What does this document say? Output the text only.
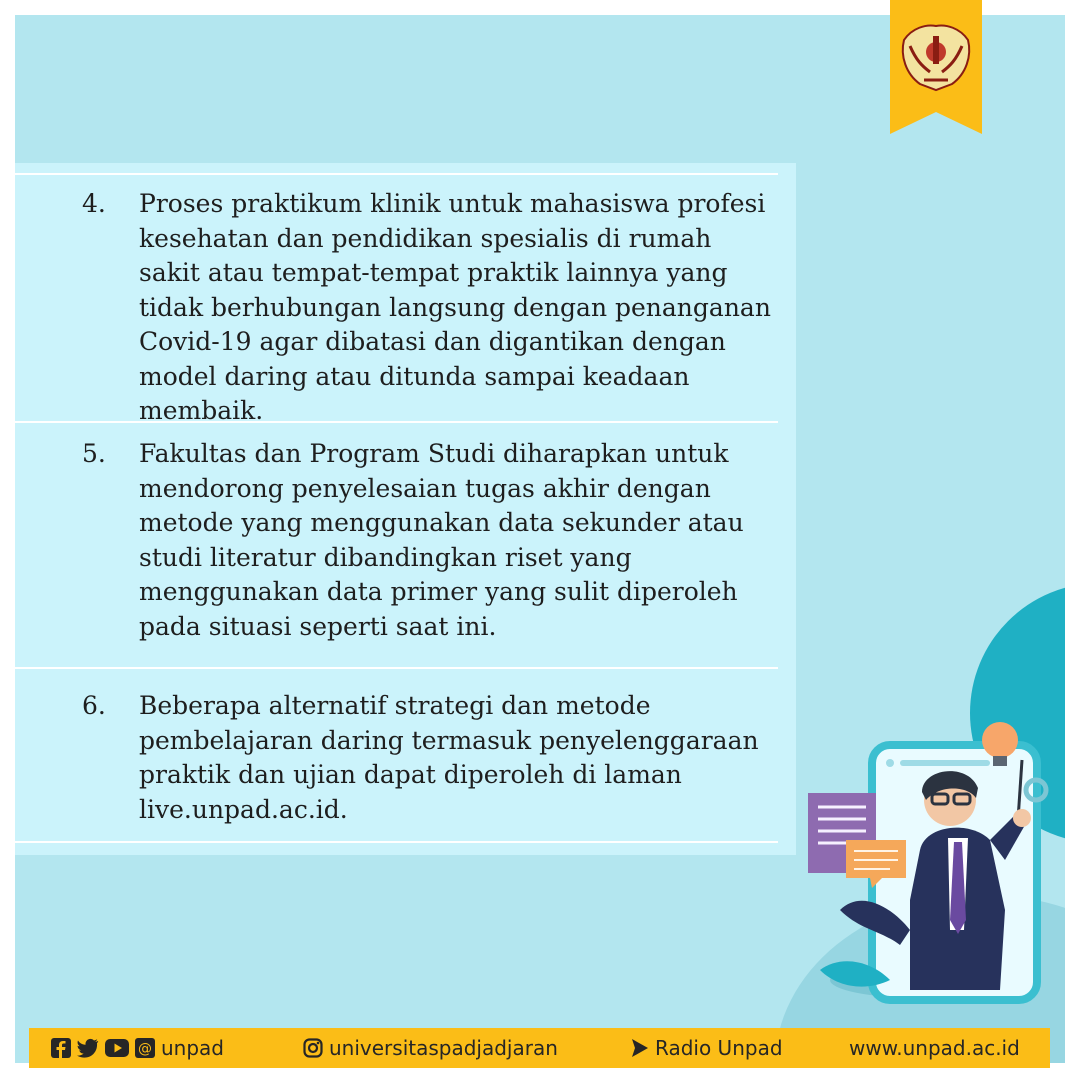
4. Proses praktikum klinik untuk mahasiswa profesi kesehatan dan pendidikan spesialis di rumah sakit atau tempat-tempat praktik lainnya yang tidak berhubungan langsung dengan penanganan Covid-19 agar dibatasi dan digantikan dengan model daring atau ditunda sampai keadaan membaik.

5. Fakultas dan Program Studi diharapkan untuk mendorong penyelesaian tugas akhir dengan metode yang menggunakan data sekunder atau studi literatur dibandingkan riset yang menggunakan data primer yang sulit diperoleh pada situasi seperti saat ini.

6. Beberapa alternatif strategi dan metode pembelajaran daring termasuk penyelenggaraan praktik dan ujian dapat diperoleh di laman live.unpad.ac.id.

@ unpad	universitaspadjadjaran	Radio Unpad	www.unpad.ac.id
